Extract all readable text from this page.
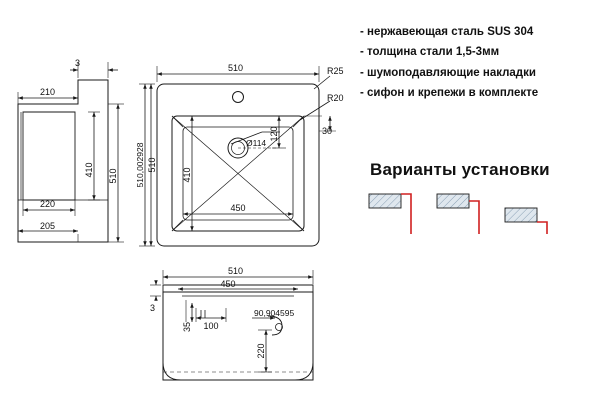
3
210
410 510
220
205
510
510,002928 510
410
450
Ø114
120	30
R25
R20
510
450
3
35 100
90,904595
220
- нержавеющая сталь SUS 304
- толщина стали 1,5-3мм
- шумоподавляющие накладки
- сифон и крепежи в комплекте
Варианты установки
